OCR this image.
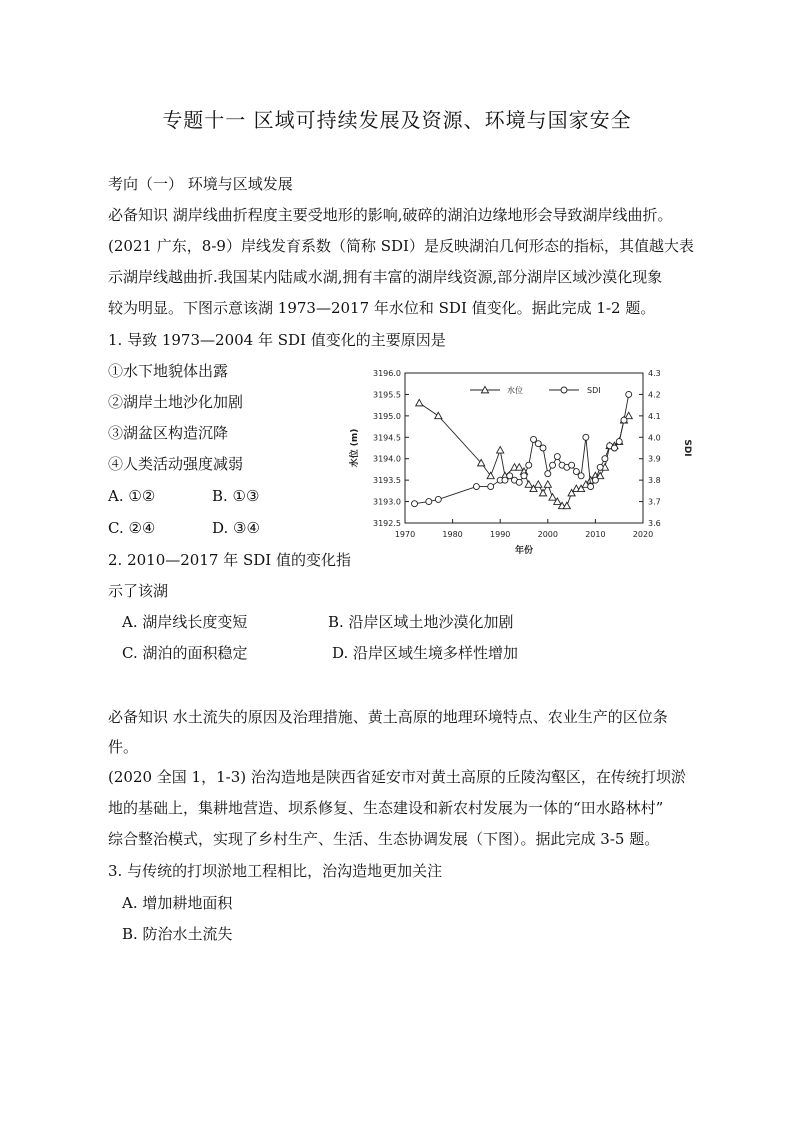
专题十一 区域可持续发展及资源、环境与国家安全
考向（一） 环境与区域发展
必备知识 湖岸线曲折程度主要受地形的影响,破碎的湖泊边缘地形会导致湖岸线曲折。
(2021 广东，8-9）岸线发育系数（简称 SDI）是反映湖泊几何形态的指标，其值越大表
示湖岸线越曲折.我国某内陆咸水湖,拥有丰富的湖岸线资源,部分湖岸区域沙漠化现象
较为明显。下图示意该湖 1973—2017 年水位和 SDI 值变化。据此完成 1-2 题。
1. 导致 1973—2004 年 SDI 值变化的主要原因是
①水下地貌体出露
②湖岸土地沙化加剧
③湖盆区构造沉降
④人类活动强度减弱
A. ①②	B. ①③
C. ②④	D. ③④
2. 2010—2017 年 SDI 值的变化指
示了该湖
A. 湖岸线长度变短	B. 沿岸区域土地沙漠化加剧
C. 湖泊的面积稳定	D. 沿岸区域生境多样性增加
必备知识 水土流失的原因及治理措施、黄土高原的地理环境特点、农业生产的区位条
件。
(2020 全国 1，1-3) 治沟造地是陕西省延安市对黄土高原的丘陵沟壑区，在传统打坝淤
地的基础上，集耕地营造、坝系修复、生态建设和新农村发展为一体的“田水路林村”
综合整治模式，实现了乡村生产、生活、生态协调发展（下图）。据此完成 3-5 题。
3. 与传统的打坝淤地工程相比，治沟造地更加关注
A. 增加耕地面积
B. 防治水土流失
1970	1980	1990	2000	2010	2020
3192.5
3193.0
3193.5
3194.0
3194.5
3195.0
3195.5
3196.0
3.6
3.7
3.8
3.9
4.0
4.1
4.2
4.3
年份
水位 (m)	SDI
水位	SDI
